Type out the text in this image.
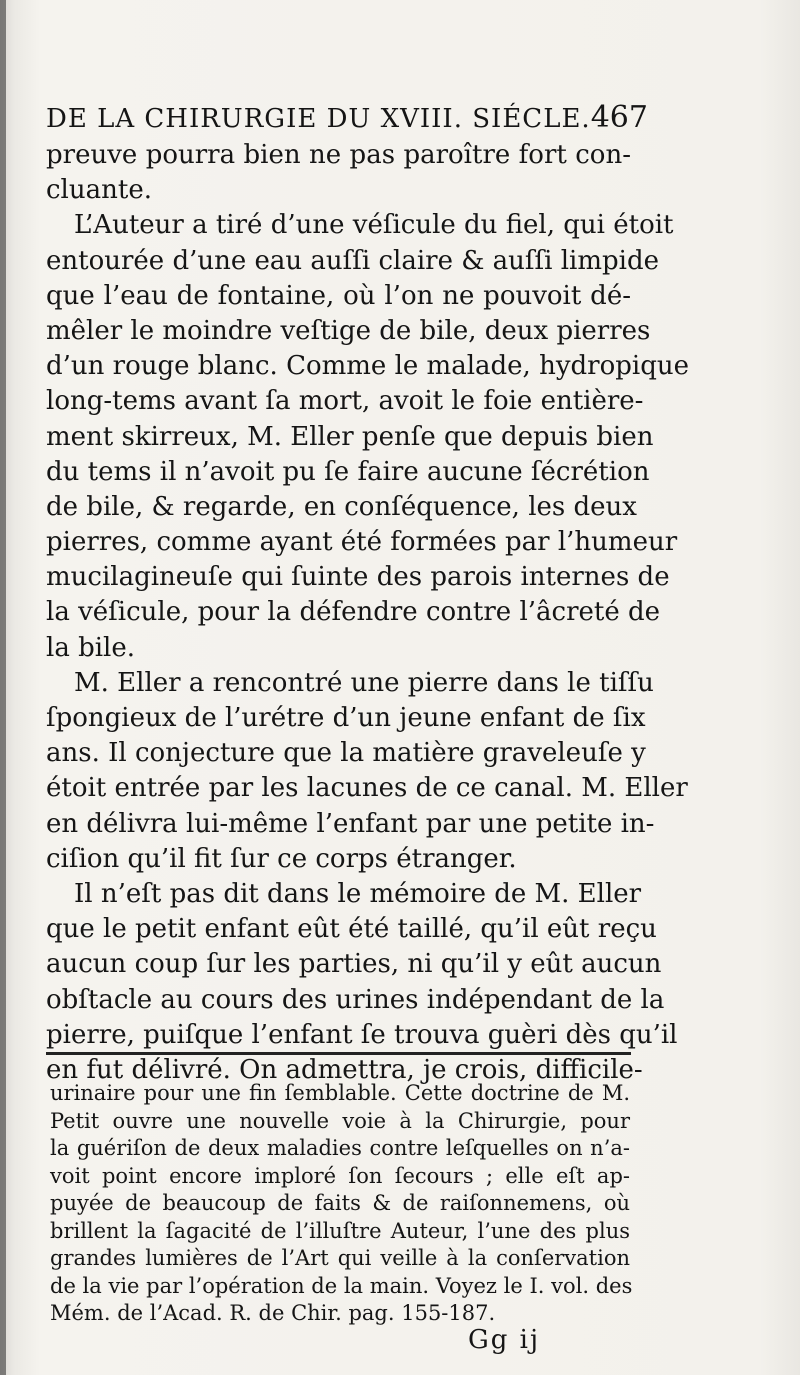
DE LA CHIRURGIE DU XVIII. SIÉCLE. 467
preuve pourra bien ne pas paroître fort con-
cluante.
L’Auteur a tiré d’une véſicule du fiel, qui étoit
entourée d’une eau auſſi claire & auſſi limpide
que l’eau de fontaine, où l’on ne pouvoit dé-
mêler le moindre veſtige de bile, deux pierres
d’un rouge blanc. Comme le malade, hydropique
long-tems avant ſa mort, avoit le foie entière-
ment skirreux, M. Eller penſe que depuis bien
du tems il n’avoit pu ſe faire aucune ſécrétion
de bile, & regarde, en conſéquence, les deux
pierres, comme ayant été formées par l’humeur
mucilagineuſe qui ſuinte des parois internes de
la véſicule, pour la défendre contre l’âcreté de
la bile.
M. Eller a rencontré une pierre dans le tiſſu
ſpongieux de l’urétre d’un jeune enfant de ſix
ans. Il conjecture que la matière graveleuſe y
étoit entrée par les lacunes de ce canal. M. Eller
en délivra lui-même l’enfant par une petite in-
ciſion qu’il fit ſur ce corps étranger.
Il n’eſt pas dit dans le mémoire de M. Eller
que le petit enfant eût été taillé, qu’il eût reçu
aucun coup ſur les parties, ni qu’il y eût aucun
obſtacle au cours des urines indépendant de la
pierre, puiſque l’enfant ſe trouva guèri dès qu’il
en fut délivré. On admettra, je crois, difficile-
urinaire pour une fin ſemblable. Cette doctrine de M.
Petit ouvre une nouvelle voie à la Chirurgie, pour
la guériſon de deux maladies contre leſquelles on n’a-
voit point encore imploré ſon ſecours ; elle eſt ap-
puyée de beaucoup de faits & de raiſonnemens, où
brillent la ſagacité de l’illuſtre Auteur, l’une des plus
grandes lumières de l’Art qui veille à la conſervation
de la vie par l’opération de la main. Voyez le I. vol. des
Mém. de l’Acad. R. de Chir. pag. 155-187.
Gg ij
